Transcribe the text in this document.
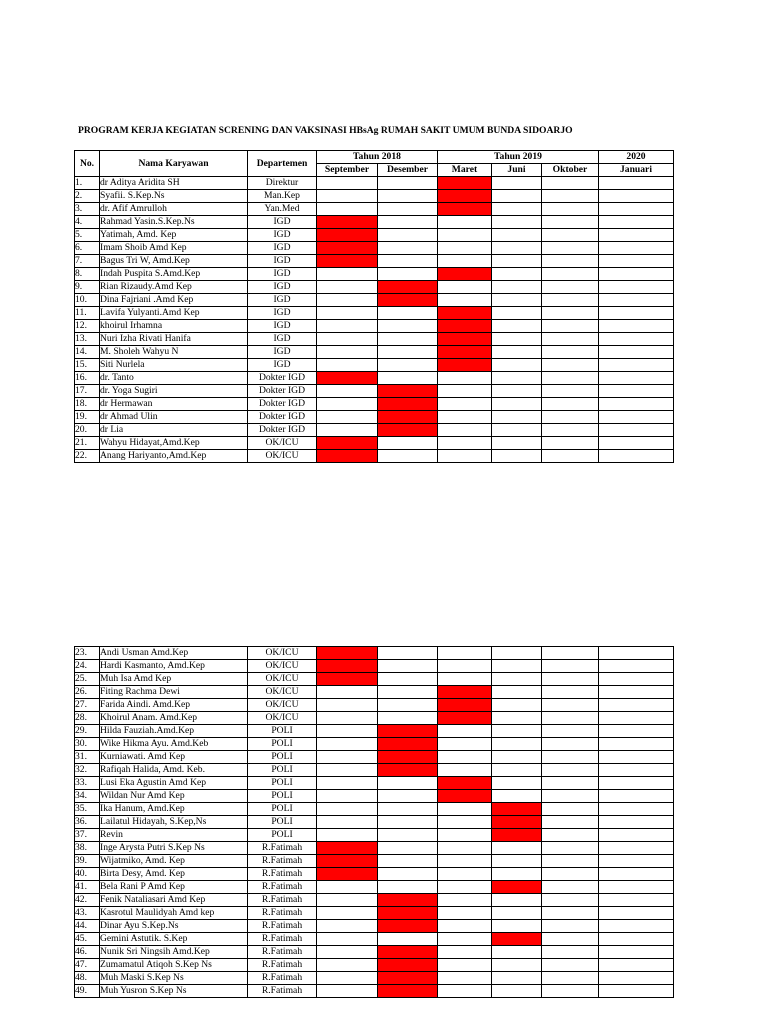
PROGRAM KERJA KEGIATAN SCRENING DAN VAKSINASI HBsAg RUMAH SAKIT UMUM BUNDA SIDOARJO
No.	Nama Karyawan	Departemen	Tahun 2018		Tahun 2019			2020
			September	Desember	Maret	Juni	Oktober	Januari
1.	dr Aditya Aridita SH	Direktur						
2.	Syafii. S.Kep.Ns	Man.Kep						
3.	dr. Afif Amrulloh	Yan.Med						
4.	Rahmad Yasin.S.Kep.Ns	IGD						
5.	Yatimah, Amd. Kep	IGD						
6.	Imam Shoib Amd Kep	IGD						
7.	Bagus Tri W, Amd.Kep	IGD						
8.	Indah Puspita S.Amd.Kep	IGD						
9.	Rian Rizaudy.Amd Kep	IGD						
10.	Dina Fajriani .Amd Kep	IGD						
11.	Lavifa Yulyanti.Amd Kep	IGD						
12.	khoirul Irhamna	IGD						
13.	Nuri Izha Rivati Hanifa	IGD						
14.	M. Sholeh Wahyu N	IGD						
15.	Siti Nurlela	IGD						
16.	dr. Tanto	Dokter IGD						
17.	dr. Yoga Sugiri	Dokter IGD						
18.	dr Hermawan	Dokter IGD						
19.	dr Ahmad Ulin	Dokter IGD						
20.	dr Lia	Dokter IGD						
21.	Wahyu Hidayat,Amd.Kep	OK/ICU						
22.	Anang Hariyanto,Amd.Kep	OK/ICU						
23.	Andi Usman Amd.Kep	OK/ICU						
24.	Hardi Kasmanto, Amd.Kep	OK/ICU						
25.	Muh Isa Amd Kep	OK/ICU						
26.	Fiting Rachma Dewi	OK/ICU						
27.	Farida Aindi. Amd.Kep	OK/ICU						
28.	Khoirul Anam. Amd.Kep	OK/ICU						
29.	Hilda Fauziah.Amd.Kep	POLI						
30.	Wike Hikma Ayu. Amd.Keb	POLI						
31.	Kurniawati. Amd Kep	POLI						
32.	Rafiqah Halida, Amd. Keb.	POLI						
33.	Lusi Eka Agustin Amd Kep	POLI						
34.	Wildan Nur Amd Kep	POLI						
35.	Ika Hanum, Amd.Kep	POLI						
36.	Lailatul Hidayah, S.Kep,Ns	POLI						
37.	Revin	POLI						
38.	Inge Arysta Putri S.Kep Ns	R.Fatimah						
39.	Wijatmiko, Amd. Kep	R.Fatimah						
40.	Birta Desy, Amd. Kep	R.Fatimah						
41.	Bela Rani P Amd Kep	R.Fatimah						
42.	Fenik Nataliasari Amd Kep	R.Fatimah						
43.	Kasrotul Maulidyah Amd kep	R.Fatimah						
44.	Dinar Ayu S.Kep.Ns	R.Fatimah						
45.	Gemini Astutik. S.Kep	R.Fatimah						
46.	Nunik Sri Ningsih Amd.Kep	R.Fatimah						
47.	Zumamatul Atiqoh S.Kep Ns	R.Fatimah						
48.	Muh Maski S.Kep Ns	R.Fatimah						
49.	Muh Yusron S.Kep Ns	R.Fatimah						
